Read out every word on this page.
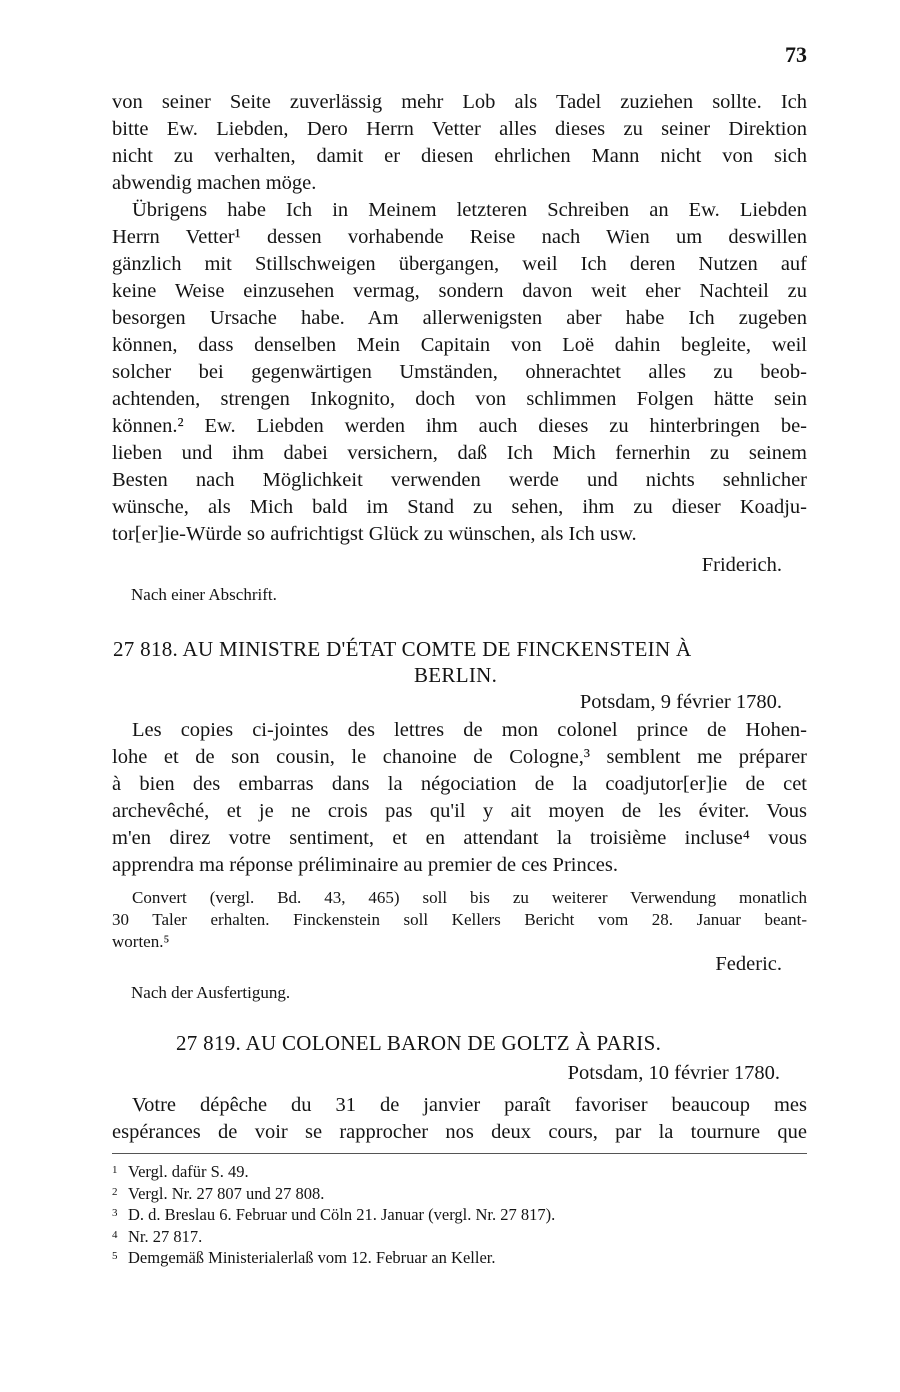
73
von seiner Seite zuverlässig mehr Lob als Tadel zuziehen sollte. Ich
bitte Ew. Liebden, Dero Herrn Vetter alles dieses zu seiner Direktion
nicht zu verhalten, damit er diesen ehrlichen Mann nicht von sich
abwendig machen möge.
Übrigens habe Ich in Meinem letzteren Schreiben an Ew. Liebden
Herrn Vetter¹ dessen vorhabende Reise nach Wien um deswillen
gänzlich mit Stillschweigen übergangen, weil Ich deren Nutzen auf
keine Weise einzusehen vermag, sondern davon weit eher Nachteil zu
besorgen Ursache habe. Am allerwenigsten aber habe Ich zugeben
können, dass denselben Mein Capitain von Loë dahin begleite, weil
solcher bei gegenwärtigen Umständen, ohnerachtet alles zu beob-
achtenden, strengen Inkognito, doch von schlimmen Folgen hätte sein
können.² Ew. Liebden werden ihm auch dieses zu hinterbringen be-
lieben und ihm dabei versichern, daß Ich Mich fernerhin zu seinem
Besten nach Möglichkeit verwenden werde und nichts sehnlicher
wünsche, als Mich bald im Stand zu sehen, ihm zu dieser Koadju-
tor[er]ie-Würde so aufrichtigst Glück zu wünschen, als Ich usw.
Friderich.
Nach einer Abschrift.
27 818. AU MINISTRE D'ÉTAT COMTE DE FINCKENSTEIN À
BERLIN.
Potsdam, 9 février 1780.
Les copies ci-jointes des lettres de mon colonel prince de Hohen-
lohe et de son cousin, le chanoine de Cologne,³ semblent me préparer
à bien des embarras dans la négociation de la coadjutor[er]ie de cet
archevêché, et je ne crois pas qu'il y ait moyen de les éviter. Vous
m'en direz votre sentiment, et en attendant la troisième incluse⁴ vous
apprendra ma réponse préliminaire au premier de ces Princes.
Convert (vergl. Bd. 43, 465) soll bis zu weiterer Verwendung monatlich
30 Taler erhalten. Finckenstein soll Kellers Bericht vom 28. Januar beant-
worten.⁵
Federic.
Nach der Ausfertigung.
27 819. AU COLONEL BARON DE GOLTZ À PARIS.
Potsdam, 10 février 1780.
Votre dépêche du 31 de janvier paraît favoriser beaucoup mes
espérances de voir se rapprocher nos deux cours, par la tournure que
1 Vergl. dafür S. 49.
2 Vergl. Nr. 27 807 und 27 808.
3 D. d. Breslau 6. Februar und Cöln 21. Januar (vergl. Nr. 27 817).
4 Nr. 27 817.
5 Demgemäß Ministerialerlaß vom 12. Februar an Keller.
